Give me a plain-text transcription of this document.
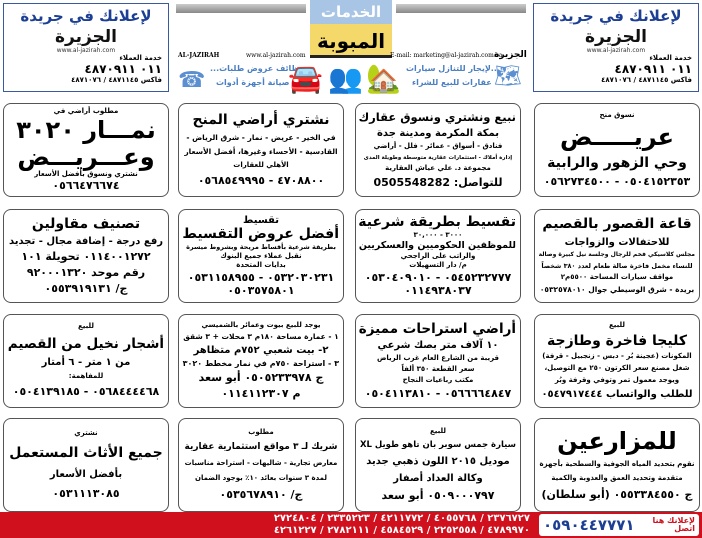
لإعلانك في جريدة
الجزيرة
www.al-jazirah.com
خدمة العملاء
٠١١ ٤٨٧٠٩١١
فاكس ٤٨٧١١٤٥ / ٤٨٧١٠٧٦
لإعلانك في جريدة
الجزيرة
www.al-jazirah.com
خدمة العملاء
٠١١ ٤٨٧٠٩١١
فاكس ٤٨٧١١٤٥ / ٤٨٧١٠٧٦
الخدمات
المبوبة
AL-JAZIRAH	www.al-jazirah.com	E-mail: marketing@al-jazirah.com.sa
الجزيرة
☎ وظائف عروض طلبات...
صيانة أجهزة أدوات
🚘 👥 🏡 ...لإيجار للتنازل سيارات
عقارات للبيع للشراء 🗺
نسوق منح
عريـــــض
وحي الزهور والرابية
٠٥٠٤١٥٢٣٥٣ - ٠٥٦٢٧٣٤٥٠٠
نبيع ونشتري ونسوق عقارك
بمكة المكرمة ومدينة جدة
فنادق - أسواق - عمائر - فلل - أراضي
إدارة أملاك - استثمارات عقارية متوسطة وطويلة المدى
مجموعة د. علي عياش العقارية
للتواصل: 0505548282
نشتري أراضي المنح
في الخير - عريض - نمار - شرق الرياض -
القادسية - الأحساء وغيرها، أفضل الأسعار
الأهلي للعقارات
٤٧٠٨٨٠٠ - ٠٥٦٨٥٤٩٩٩٥
مطلوب أراضي في
نمـــار ٣٠٢٠
وعـــريـــض
نشتري ونسوق بأفضل الأسعار
٠٥٦٦٤٧٦٦٧٤
قاعة القصور بالقصيم
للاحتفالات والزواجات
مجلس كلاسيكي فخم للرجال وجلسة نيل كبيرة وصالة
للنساء مخمل فاخرة صالة طعام لعدد ٣٨٠ شخصاً
مواقف سيارات المساحة ٥٥٠٠م٢
بريدة - شرق الوسيطي جوال ٠٥٣٢٥٧٨٠١٠
تقسيط بطريقة شرعية
٣٠٠٠ - ٣٠,٠٠٠
للموظفين الحكوميين والعسكريين
والراتب على الراجحي
م/ دار التسهيلات
٠٥٤٥٢٣٢٧٧٧ - ٠٥٣٠٤٠٩٠١٠
٠١١٤٩٣٨٠٣٧
تقسيط
أفضل عروض التقسيط
بطريقة شرعية بأقساط مريحة وبشروط ميسرة
نقبل عملاء جميع البنوك
بدايات المتحدة
٠٥٣٢٠٣٠٢٣١ - ٠٥٣١١٥٨٩٥٥
٠٥٠٣٥٧٥٨٠١
تصنيف مقاولين
رفع درجة - إضافة مجال - تجديد
٠١١٤٠٠١٢٧٢ تحويلة ١٠١
رقم موحد ٩٢٠٠٠١٣٢٠
ج/ ٠٥٥٣٩١٩١٣١
للبيع
كليجا فاخرة وطازجة
المكونات (عجينة بُر - دبس - زنجبيل - قرفة)
شغل مصنع سعر الكرتون ٢٥٠ مع التوصيل،
ويوجد معمول تمر وتوفي وقرفة وبُر
للطلب والواتساب ٠٥٤٧٩١٧٤٤٤
أراضي استراحات مميزة
١٠ آلاف متر بصك شرعي
قريبة من الشارع العام غرب الرياض
سعر القطعة ٣٥٠ ألفاً
مكتب رباعيات النجاح
٠٥٦٦٦٦٤٨٤٧ - ٠٥٠٤١١٣٨١٠
يوجد للبيع بيوت وعمائر بالشميسي
١ - عمارة مساحة ١٨٠م ٣ محلات + ٣ شقق
٢- بيت شعبي ٧٥٢م متظاهر
٣ - استراحة ٧٥٠م في نمار مخطط ٣٠٢٠
ج ٠٥٠٥٢٣٣٩٧٨ أبو سعد
م ٠١١٤١١٢٣٠٧
للبيع
أشجار نخيل من القصيم
من ١ متر - ٦ أمتار
للمفاهمة:
٠٥٦٨٤٤٤٤٦٨ - ٠٥٠٤١٣٩١٨٥
للمزارعين
نقوم بتحديد المياه الجوفية والسطحية بأجهزة
متقدمة وتحديد العمق والعذوبة والكمية
ج ٠٥٥٣٣٨٤٥٥٠ (أبو سلطان)
للبيع
سيارة جمس سوبر بان تاهو طويل XL
موديل ٢٠١٥ اللون ذهبي جديد
وكالة العداد أصفار
٠٥٠٩٠٠٠٧٩٧ أبو سعد
مطلوب
شريك لـ ٣ مواقع استثمارية عقارية
معارض تجارية - شاليهات - استراحة مناسبات
لمدة ٣ سنوات بعائد ١٠٪ بوجود الضمان
ج/ ٠٥٣٥٦٧٨٩١٠
نشتري
جميع الأثاث المستعمل
بأفضل الأسعار
٠٥٣١١١٣٠٨٥
لإعلانك هنا
اتصل
٠٥٩٠٤٤٧٧٧١
٢٣٧٦٧٢٧ / ٤٠٥٥٧٦٨ / ٤٢١١٧٧٢ / ٢٣٣٥٢٢٣ / ٢٧٢٤٨٠٤
٤٧٨٩٩٧٠ / ٢٢٥٢٥٥٨ / ٤٥٨٤٥٢٩ / ٢٧٨٢١١١ / ٤٢٦١٢٢٧
